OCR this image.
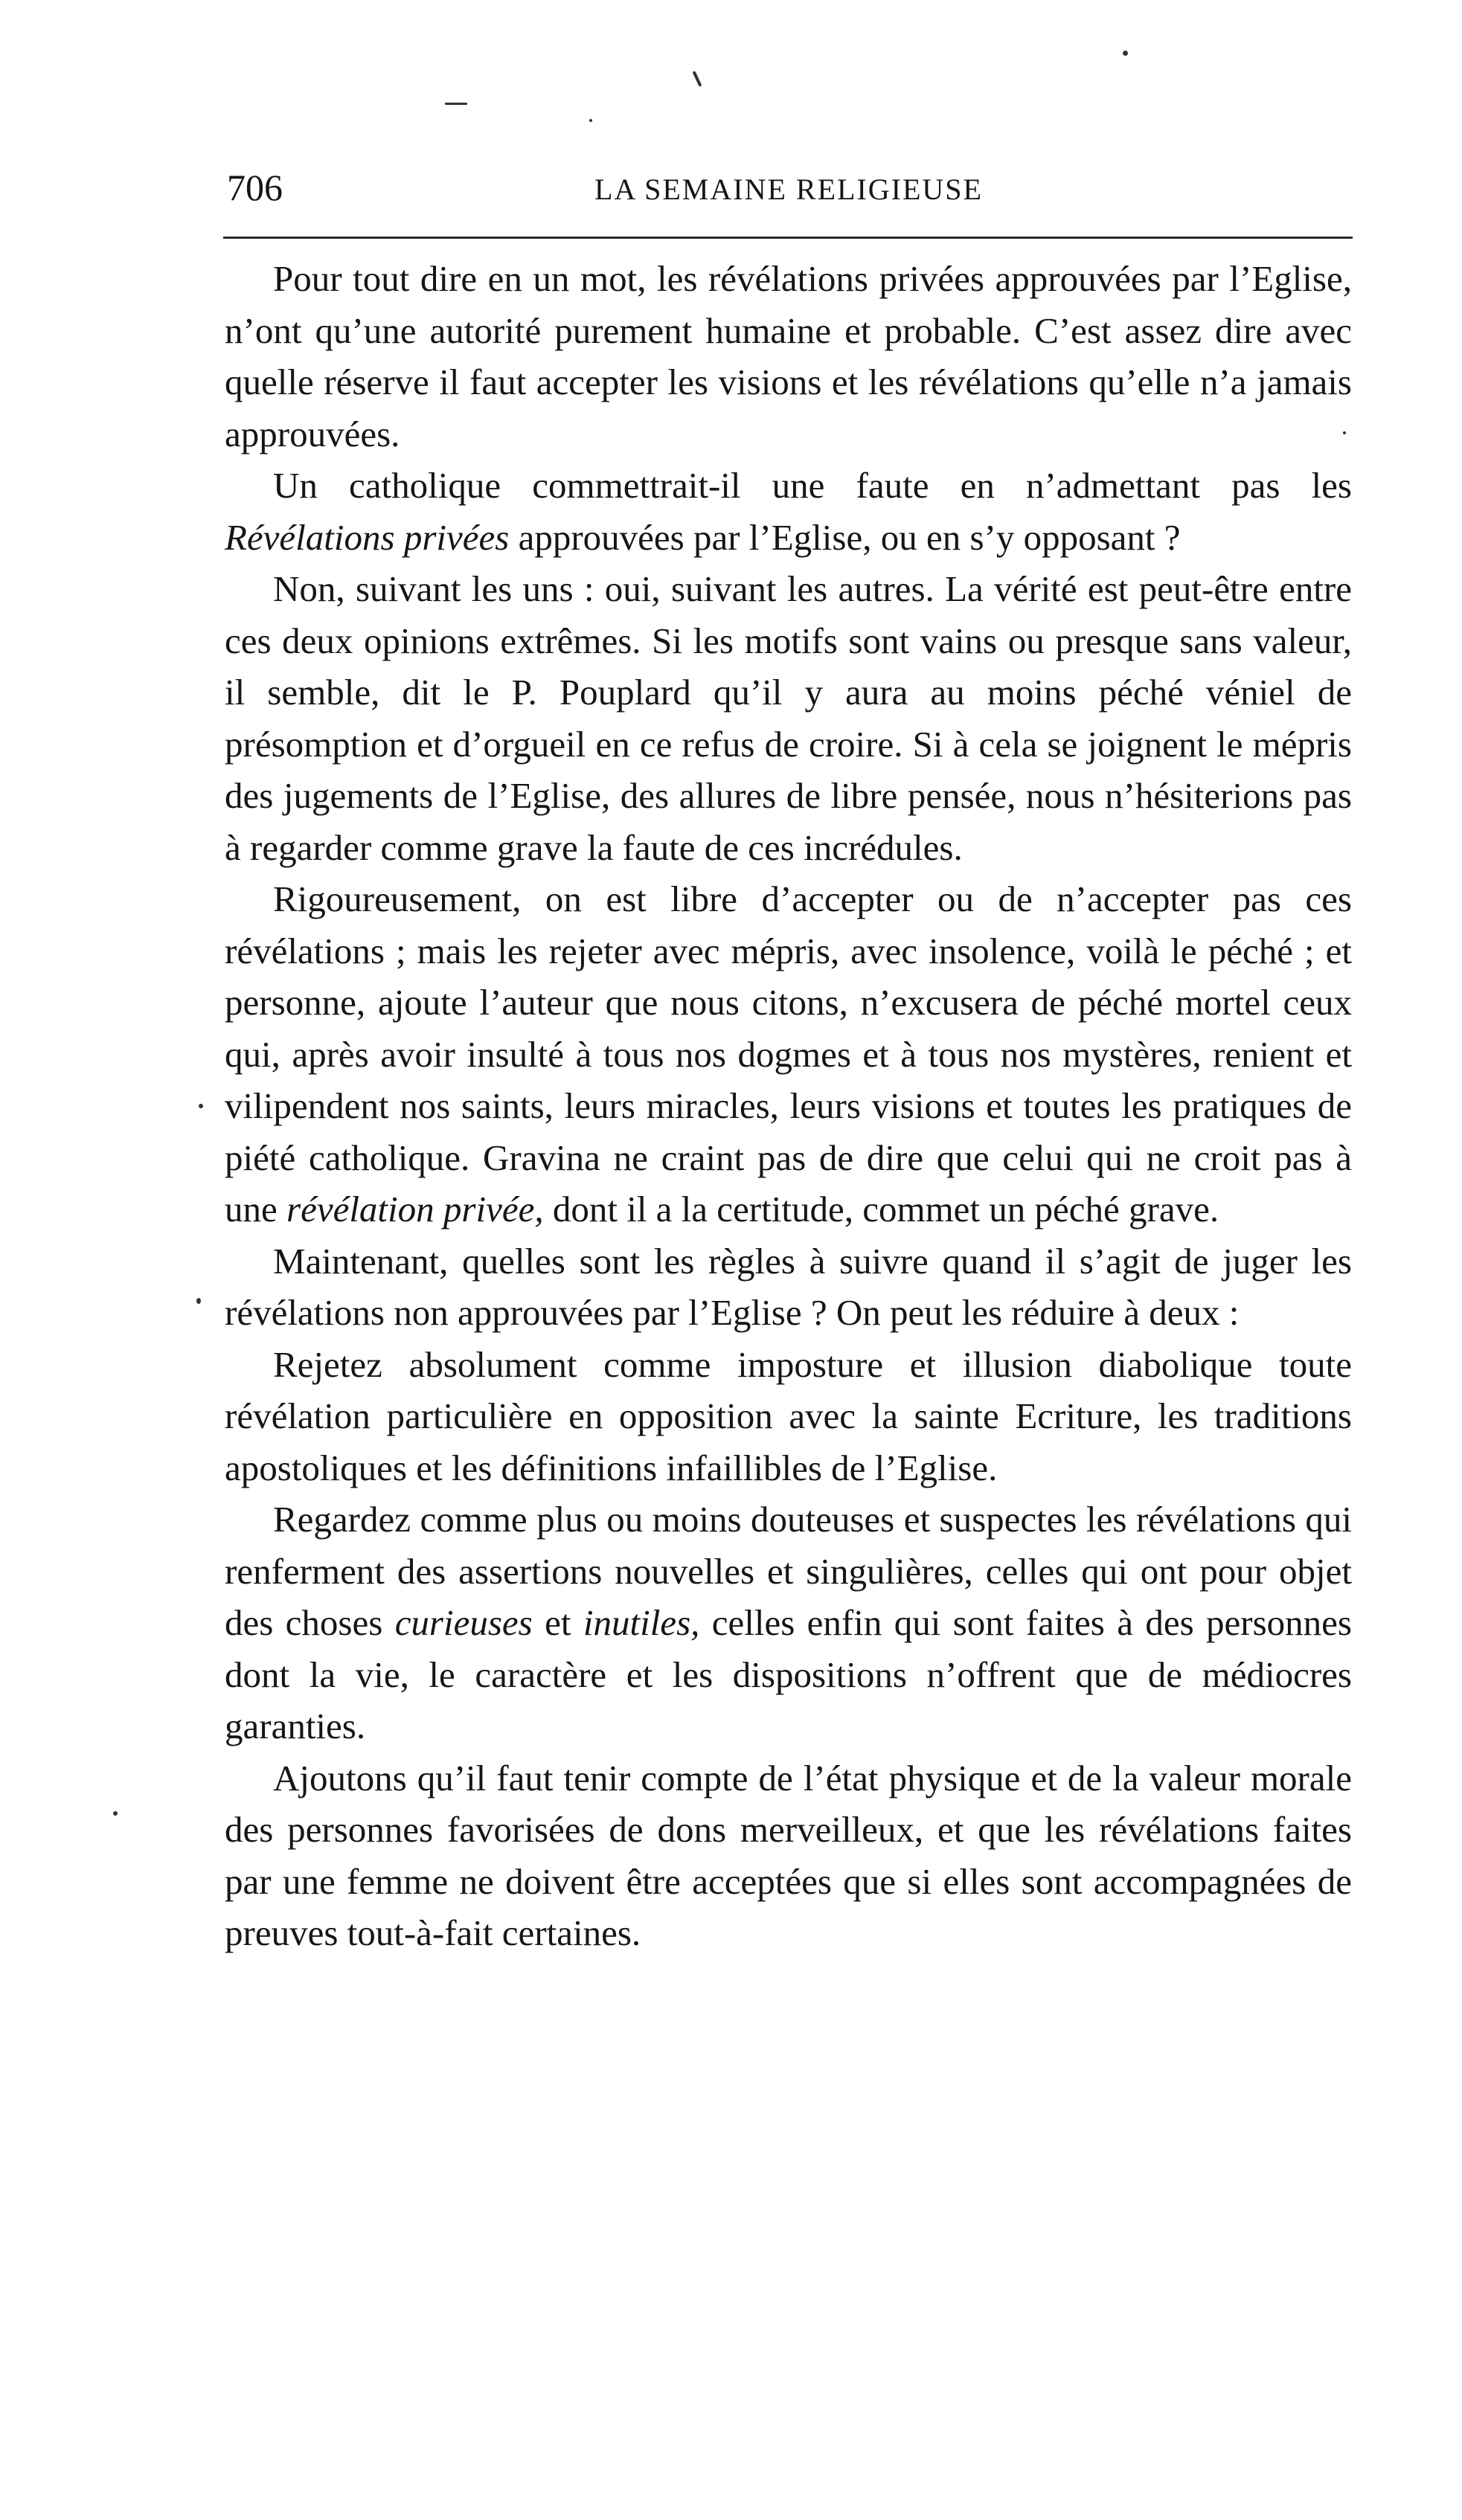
706	LA SEMAINE RELIGIEUSE

Pour tout dire en un mot, les révélations privées approuvées par l’Eglise, n’ont qu’une autorité purement humaine et probable. C’est assez dire avec quelle réserve il faut accepter les visions et les révélations qu’elle n’a jamais approuvées.

Un catholique commettrait-il une faute en n’admettant pas les Révélations privées approuvées par l’Eglise, ou en s’y opposant ?

Non, suivant les uns : oui, suivant les autres. La vérité est peut-être entre ces deux opinions extrêmes. Si les motifs sont vains ou presque sans valeur, il semble, dit le P. Pouplard qu’il y aura au moins péché véniel de présomption et d’orgueil en ce refus de croire. Si à cela se joignent le mépris des jugements de l’Eglise, des allures de libre pensée, nous n’hésiterions pas à regarder comme grave la faute de ces incrédules.

Rigoureusement, on est libre d’accepter ou de n’accepter pas ces révélations ; mais les rejeter avec mépris, avec insolence, voilà le péché ; et personne, ajoute l’auteur que nous citons, n’excusera de péché mortel ceux qui, après avoir insulté à tous nos dogmes et à tous nos mystères, renient et vilipendent nos saints, leurs miracles, leurs visions et toutes les pratiques de piété catholique. Gravina ne craint pas de dire que celui qui ne croit pas à une révélation privée, dont il a la certitude, commet un péché grave.

Maintenant, quelles sont les règles à suivre quand il s’agit de juger les révélations non approuvées par l’Eglise ? On peut les réduire à deux :

Rejetez absolument comme imposture et illusion diabolique toute révélation particulière en opposition avec la sainte Ecriture, les traditions apostoliques et les définitions infaillibles de l’Eglise.

Regardez comme plus ou moins douteuses et suspectes les révélations qui renferment des assertions nouvelles et singulières, celles qui ont pour objet des choses curieuses et inutiles, celles enfin qui sont faites à des personnes dont la vie, le caractère et les dispositions n’offrent que de médiocres garanties.

Ajoutons qu’il faut tenir compte de l’état physique et de la valeur morale des personnes favorisées de dons merveilleux, et que les révélations faites par une femme ne doivent être acceptées que si elles sont accompagnées de preuves tout-à-fait certaines.
